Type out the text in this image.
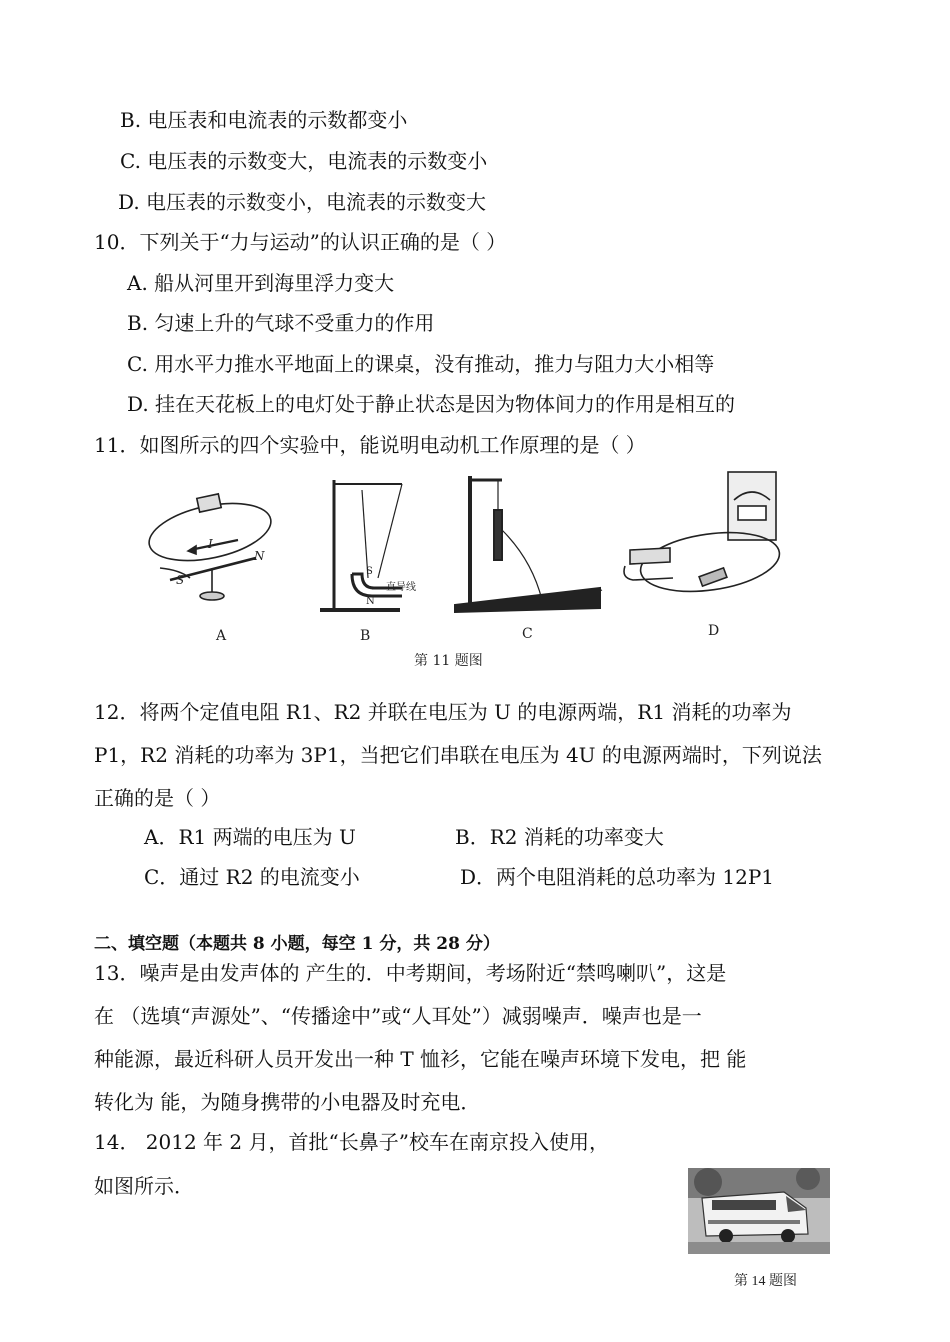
B. 电压表和电流表的示数都变小
C. 电压表的示数变大，电流表的示数变小
D. 电压表的示数变小，电流表的示数变大
10．下列关于“力与运动”的认识正确的是（ ）
A. 船从河里开到海里浮力变大
B. 匀速上升的气球不受重力的作用
C. 用水平力推水平地面上的课桌，没有推动，推力与阻力大小相等
D. 挂在天花板上的电灯处于静止状态是因为物体间力的作用是相互的
11．如图所示的四个实验中，能说明电动机工作原理的是（ ）
I
N
S
S
N
直导线
A	B	C	D
第 11 题图
12．将两个定值电阻 R1、R2 并联在电压为 U 的电源两端，R1 消耗的功率为
P1，R2 消耗的功率为 3P1，当把它们串联在电压为 4U 的电源两端时，下列说法
正确的是（ ）
A．R1 两端的电压为 U	B．R2 消耗的功率变大
C．通过 R2 的电流变小	D．两个电阻消耗的总功率为 12P1
二、填空题（本题共 8 小题，每空 1 分，共 28 分）
13．噪声是由发声体的 产生的．中考期间，考场附近“禁鸣喇叭”，这是
在 （选填“声源处”、“传播途中”或“人耳处”）减弱噪声．噪声也是一
种能源，最近科研人员开发出一种 T 恤衫，它能在噪声环境下发电，把 能
转化为 能，为随身携带的小电器及时充电．
14． 2012 年 2 月，首批“长鼻子”校车在南京投入使用，
如图所示．
第 14 题图
